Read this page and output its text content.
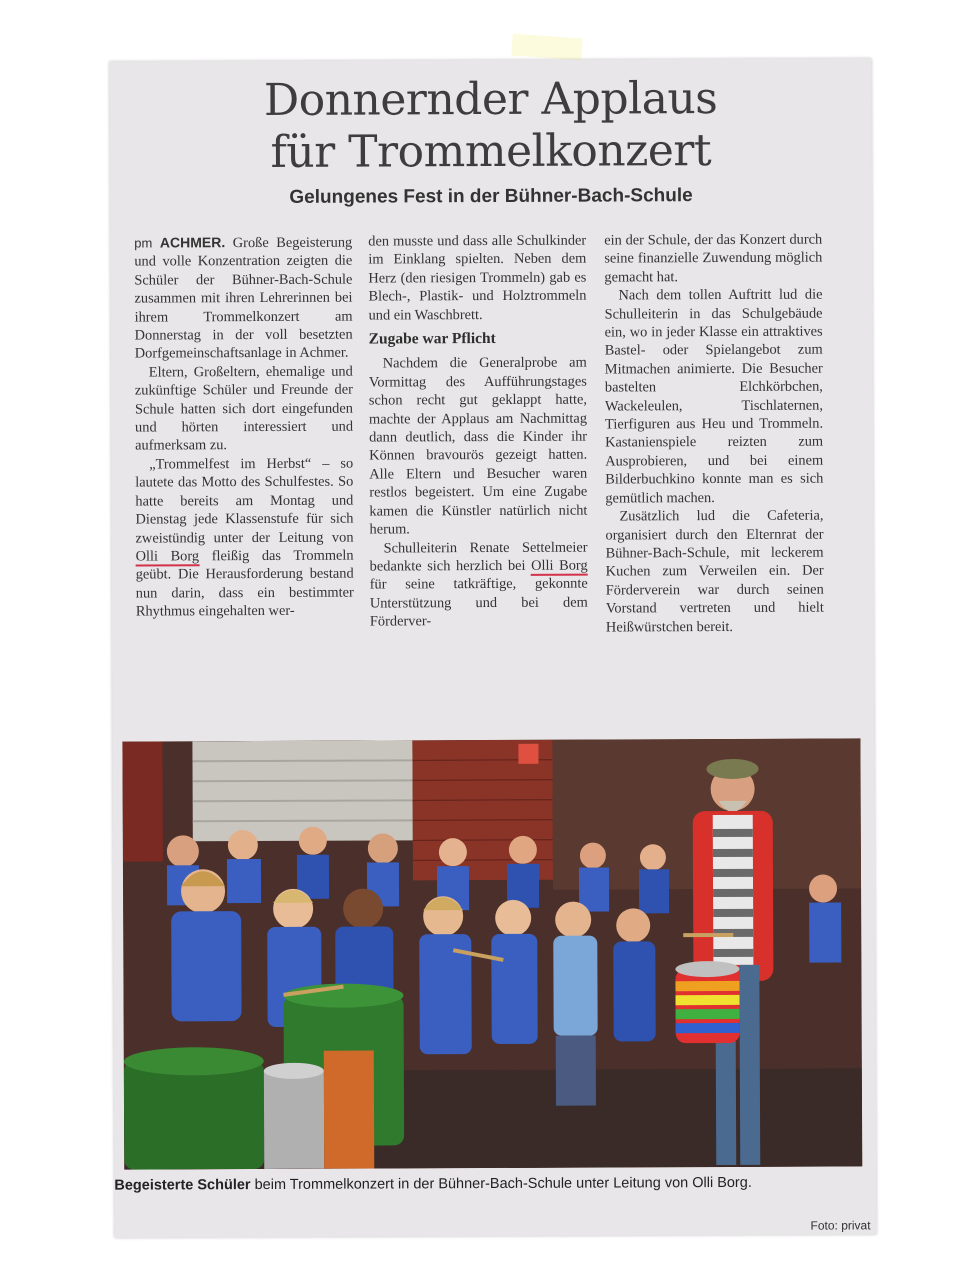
Donnernder Applaus
für Trommelkonzert
Gelungenes Fest in der Bühner-Bach-Schule

pm ACHMER. Große Begeisterung und volle Konzentration zeigten die Schüler der Bühner-Bach-Schule zusammen mit ihren Lehrerinnen bei ihrem Trommelkonzert am Donnerstag in der voll besetzten Dorfgemeinschaftsanlage in Achmer.

Eltern, Großeltern, ehemalige und zukünftige Schüler und Freunde der Schule hatten sich dort eingefunden und hörten interessiert und aufmerksam zu.

„Trommelfest im Herbst“ – so lautete das Motto des Schulfestes. So hatte bereits am Montag und Dienstag jede Klassenstufe für sich zweistündig unter der Leitung von Olli Borg fleißig das Trommeln geübt. Die Herausforderung bestand nun darin, dass ein bestimmter Rhythmus eingehalten wer-

den musste und dass alle Schulkinder im Einklang spielten. Neben dem Herz (den riesigen Trommeln) gab es Blech-, Plastik- und Holztrommeln und ein Waschbrett.

Zugabe war Pflicht

Nachdem die Generalprobe am Vormittag des Aufführungstages schon recht gut geklappt hatte, machte der Applaus am Nachmittag dann deutlich, dass die Kinder ihr Können bravourös gezeigt hatten. Alle Eltern und Besucher waren restlos begeistert. Um eine Zugabe kamen die Künstler natürlich nicht herum.

Schulleiterin Renate Settelmeier bedankte sich herzlich bei Olli Borg für seine tatkräftige, gekonnte Unterstützung und bei dem Förderver-

ein der Schule, der das Konzert durch seine finanzielle Zuwendung möglich gemacht hat.

Nach dem tollen Auftritt lud die Schulleiterin in das Schulgebäude ein, wo in jeder Klasse ein attraktives Bastel- oder Spielangebot zum Mitmachen animierte. Die Besucher bastelten Elchkörbchen, Wackeleulen, Tischlaternen, Tierfiguren aus Heu und Trommeln. Kastanienspiele reizten zum Ausprobieren, und bei einem Bilderbuchkino konnte man es sich gemütlich machen.

Zusätzlich lud die Cafeteria, organisiert durch den Elternrat der Bühner-Bach-Schule, mit leckerem Kuchen zum Verweilen ein. Der Förderverein war durch seinen Vorstand vertreten und hielt Heißwürstchen bereit.

Begeisterte Schüler beim Trommelkonzert in der Bühner-Bach-Schule unter Leitung von Olli Borg.
Foto: privat
